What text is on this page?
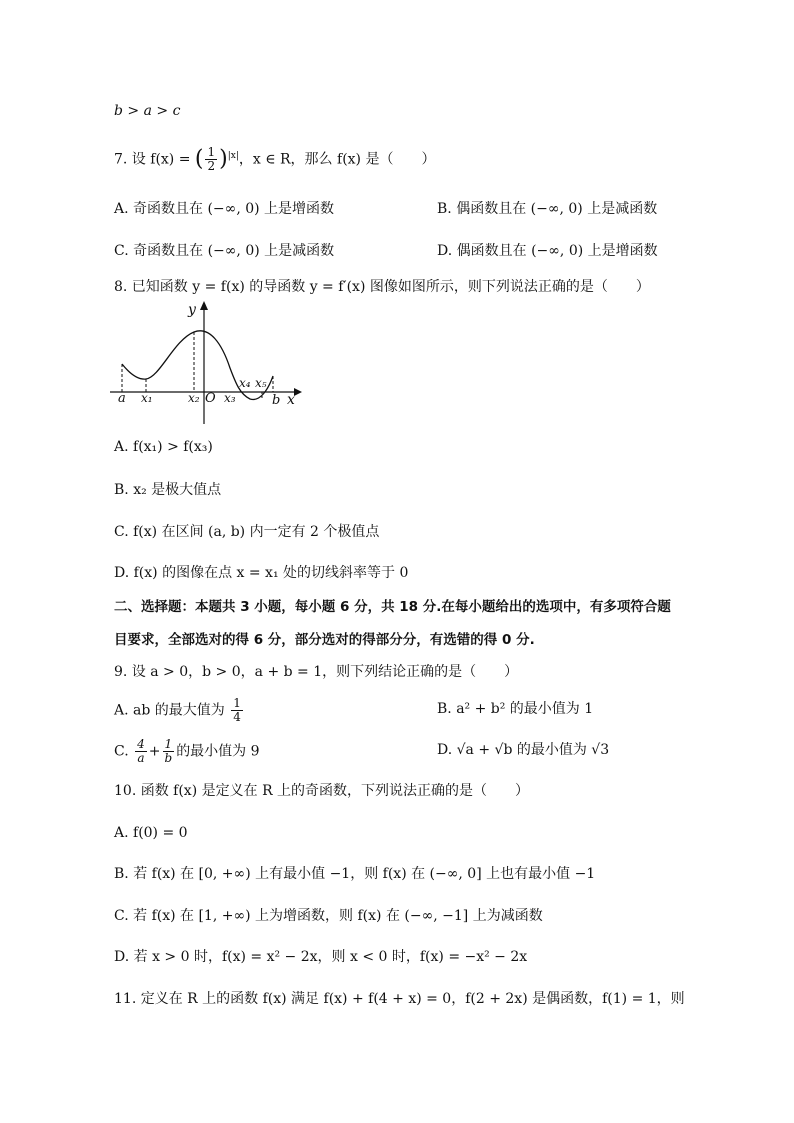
b > a > c
7. 设 f(x) = ( $\frac{1}{2} )^{|x|}$，x ∈ R，那么 f(x) 是（　　）
A. 奇函数且在 (−∞, 0) 上是增函数	B. 偶函数且在 (−∞, 0) 上是减函数
C. 奇函数且在 (−∞, 0) 上是减函数	D. 偶函数且在 (−∞, 0) 上是增函数
8. 已知函数 y = f(x) 的导函数 y = f′(x) 图像如图所示，则下列说法正确的是（　　）
y
x
O
a x₁	x₂ x₃
x₄ x₅
b
A. f(x₁) > f(x₃)
B. x₂ 是极大值点
C. f(x) 在区间 (a, b) 内一定有 2 个极值点
D. f(x) 的图像在点 x = x₁ 处的切线斜率等于 0
二、选择题：本题共 3 小题，每小题 6 分，共 18 分.在每小题给出的选项中，有多项符合题
目要求，全部选对的得 6 分，部分选对的得部分分，有选错的得 0 分.
9. 设 a > 0，b > 0，a + b = 1，则下列结论正确的是（　　）
A. ab 的最大值为 $\frac{1}{4}$	B. a² + b² 的最小值为 1
C. $\frac{4}{a} + \frac{1}{b}$ 的最小值为 9	D. √a + √b 的最小值为 √3
10. 函数 f(x) 是定义在 R 上的奇函数，下列说法正确的是（　　）
A. f(0) = 0
B. 若 f(x) 在 [0, +∞) 上有最小值 −1，则 f(x) 在 (−∞, 0] 上也有最小值 −1
C. 若 f(x) 在 [1, +∞) 上为增函数，则 f(x) 在 (−∞, −1] 上为减函数
D. 若 x > 0 时，f(x) = x² − 2x，则 x < 0 时，f(x) = −x² − 2x
11. 定义在 R 上的函数 f(x) 满足 f(x) + f(4 + x) = 0，f(2 + 2x) 是偶函数，f(1) = 1，则
